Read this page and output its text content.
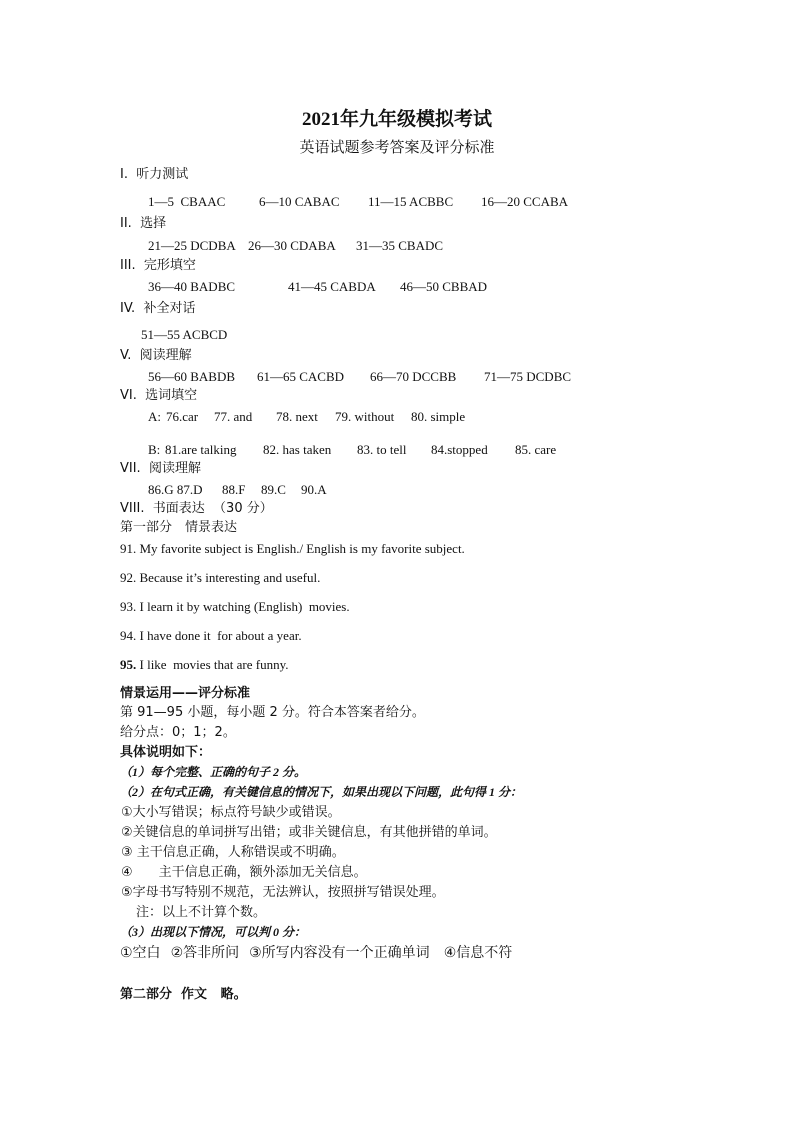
2021年九年级模拟考试
英语试题参考答案及评分标准
I.  听力测试
1—5  CBAAC	6—10 CABAC 11—15 ACBBC 16—20 CCABA
II.  选择
21—25 DCDBA 26—30 CDABA 31—35 CBADC
III.  完形填空
36—40 BADBC	41—45 CABDA 46—50 CBBAD
IV.  补全对话
51—55 ACBCD
V.  阅读理解
56—60 BABDB 61—65 CACBD 66—70 DCCBB 71—75 DCDBC
VI.  选词填空
A: 76.car 77. and 78. next 79. without 80. simple
B: 81.are talking 82. has taken 83. to tell 84.stopped 85. care
VII.  阅读理解
86.G 87.D 88.F 89.C 90.A
VIII.  书面表达  （30 分）
第一部分　情景表达
91. My favorite subject is English./ English is my favorite subject.
92. Because it’s interesting and useful.
93. I learn it by watching (English)  movies.
94. I have done it  for about a year.
95. I like  movies that are funny.
情景运用——评分标准
第 91—95 小题，每小题 2 分。符合本答案者给分。
给分点：0；1；2。
具体说明如下：
（1）每个完整、正确的句子 2 分。
（2）在句式正确，有关键信息的情况下，如果出现以下问题，此句得 1 分：
①大小写错误；标点符号缺少或错误。
②关键信息的单词拼写出错；或非关键信息，有其他拼错的单词。
③ 主干信息正确，人称错误或不明确。
④　　主干信息正确，额外添加无关信息。
⑤字母书写特别不规范，无法辨认，按照拼写错误处理。
注：以上不计算个数。
（3）出现以下情况，可以判 0 分：
①空白 ②答非所问 ③所写内容没有一个正确单词 ④信息不符
第二部分  作文   略。
